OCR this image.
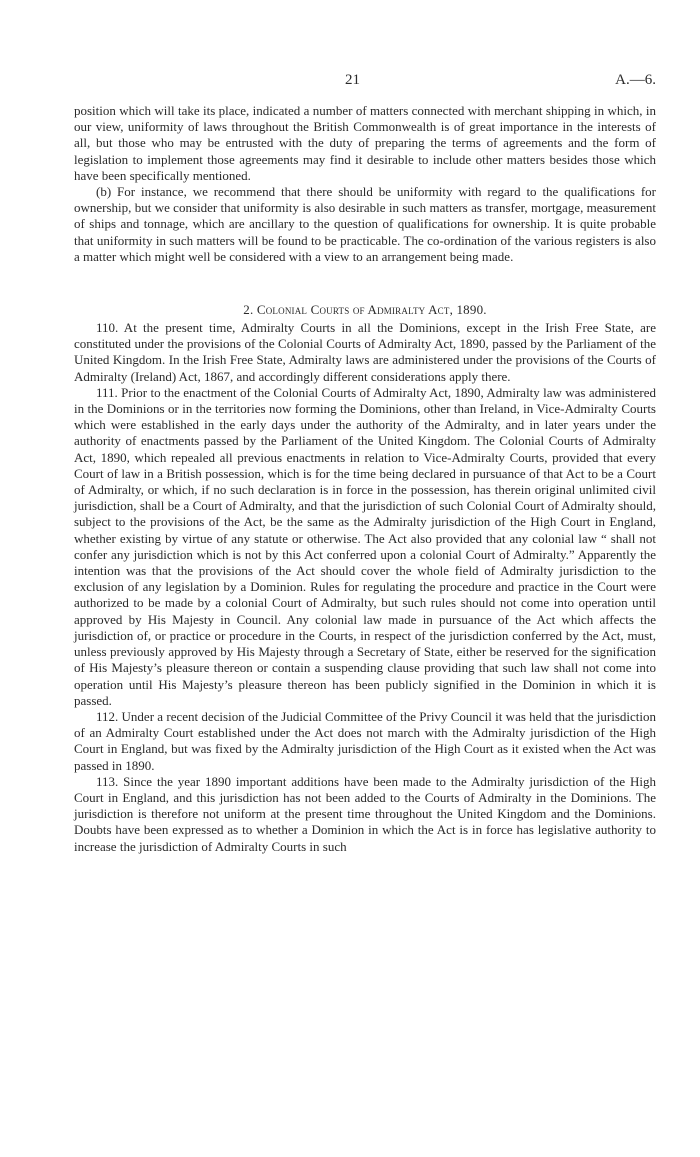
21	A.—6.

position which will take its place, indicated a number of matters connected with merchant shipping in which, in our view, uniformity of laws throughout the British Commonwealth is of great importance in the interests of all, but those who may be entrusted with the duty of preparing the terms of agreements and the form of legislation to implement those agreements may find it desirable to include other matters besides those which have been specifically mentioned.

(b) For instance, we recommend that there should be uniformity with regard to the qualifications for ownership, but we consider that uniformity is also desirable in such matters as transfer, mortgage, measurement of ships and tonnage, which are ancillary to the question of qualifications for ownership. It is quite probable that uniformity in such matters will be found to be practicable. The co-ordination of the various registers is also a matter which might well be considered with a view to an arrangement being made.

2. Colonial Courts of Admiralty Act, 1890.

110. At the present time, Admiralty Courts in all the Dominions, except in the Irish Free State, are constituted under the provisions of the Colonial Courts of Admiralty Act, 1890, passed by the Parliament of the United Kingdom. In the Irish Free State, Admiralty laws are administered under the provisions of the Courts of Admiralty (Ireland) Act, 1867, and accordingly different considerations apply there.

111. Prior to the enactment of the Colonial Courts of Admiralty Act, 1890, Admiralty law was administered in the Dominions or in the territories now forming the Dominions, other than Ireland, in Vice-Admiralty Courts which were established in the early days under the authority of the Admiralty, and in later years under the authority of enactments passed by the Parliament of the United Kingdom. The Colonial Courts of Admiralty Act, 1890, which repealed all previous enactments in relation to Vice-Admiralty Courts, provided that every Court of law in a British possession, which is for the time being declared in pursuance of that Act to be a Court of Admiralty, or which, if no such declaration is in force in the possession, has therein original unlimited civil jurisdiction, shall be a Court of Admiralty, and that the jurisdiction of such Colonial Court of Admiralty should, subject to the provisions of the Act, be the same as the Admiralty jurisdiction of the High Court in England, whether existing by virtue of any statute or otherwise. The Act also provided that any colonial law “ shall not confer any jurisdiction which is not by this Act conferred upon a colonial Court of Admiralty.” Apparently the intention was that the provisions of the Act should cover the whole field of Admiralty jurisdiction to the exclusion of any legislation by a Dominion. Rules for regulating the procedure and practice in the Court were authorized to be made by a colonial Court of Admiralty, but such rules should not come into operation until approved by His Majesty in Council. Any colonial law made in pursuance of the Act which affects the jurisdiction of, or practice or procedure in the Courts, in respect of the jurisdiction conferred by the Act, must, unless previously approved by His Majesty through a Secretary of State, either be reserved for the signification of His Majesty’s pleasure thereon or contain a suspending clause providing that such law shall not come into operation until His Majesty’s pleasure thereon has been publicly signified in the Dominion in which it is passed.

112. Under a recent decision of the Judicial Committee of the Privy Council it was held that the jurisdiction of an Admiralty Court established under the Act does not march with the Admiralty jurisdiction of the High Court in England, but was fixed by the Admiralty jurisdiction of the High Court as it existed when the Act was passed in 1890.

113. Since the year 1890 important additions have been made to the Admiralty jurisdiction of the High Court in England, and this jurisdiction has not been added to the Courts of Admiralty in the Dominions. The jurisdiction is therefore not uniform at the present time throughout the United Kingdom and the Dominions. Doubts have been expressed as to whether a Dominion in which the Act is in force has legislative authority to increase the jurisdiction of Admiralty Courts in such
